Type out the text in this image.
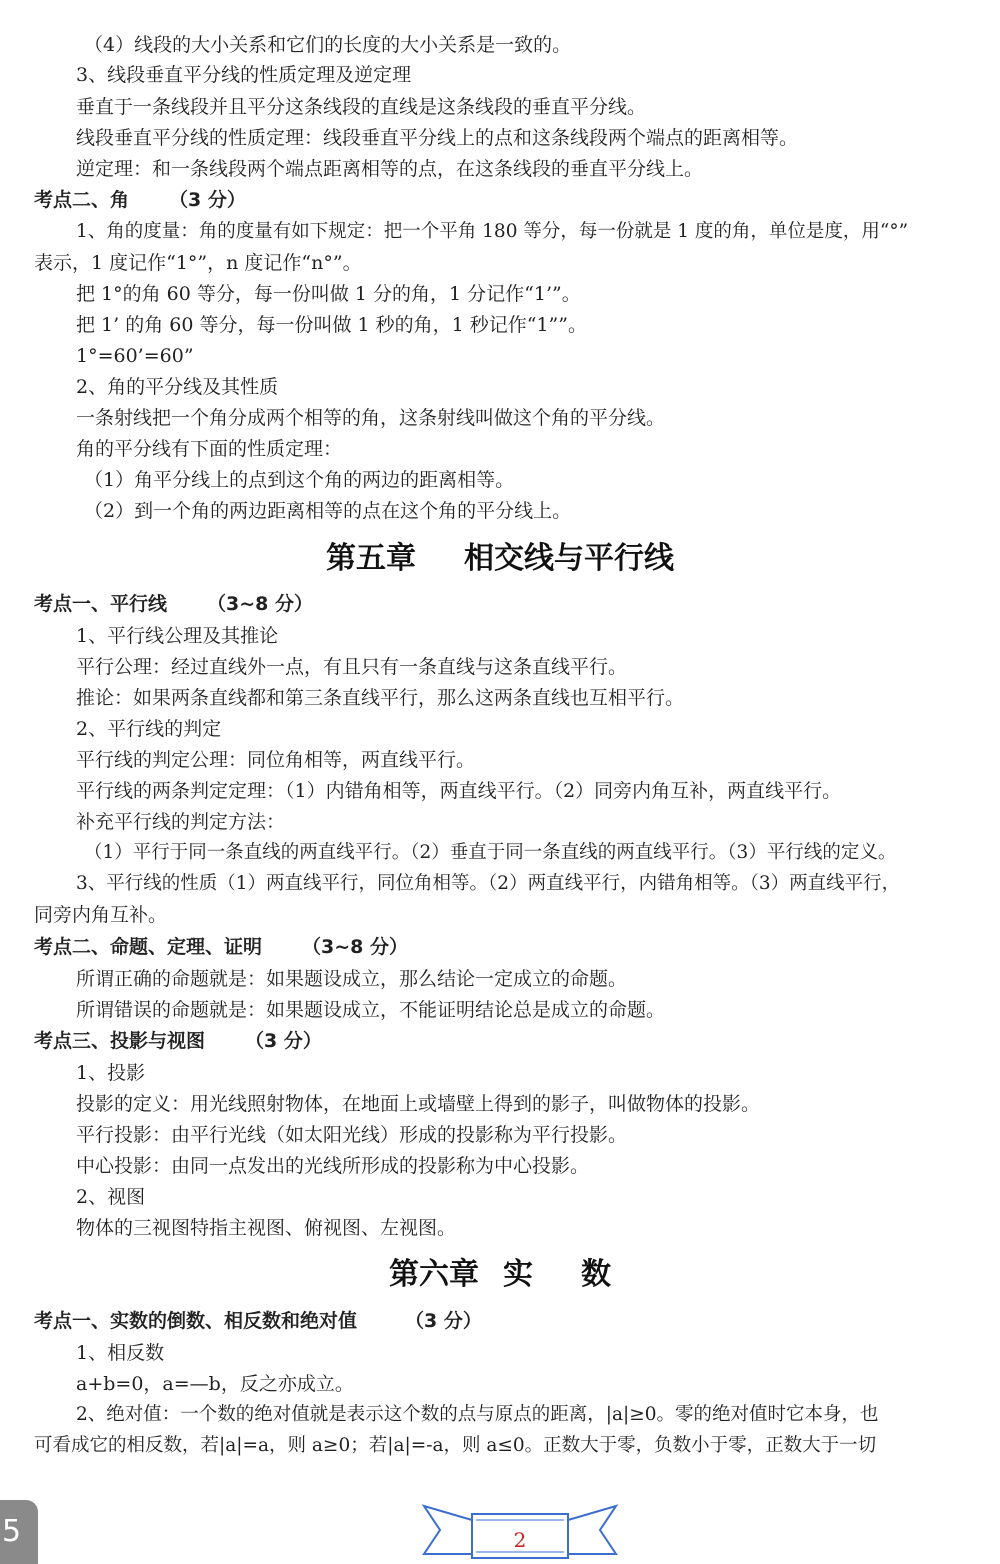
（4）线段的大小关系和它们的长度的大小关系是一致的。
3、线段垂直平分线的性质定理及逆定理
垂直于一条线段并且平分这条线段的直线是这条线段的垂直平分线。
线段垂直平分线的性质定理：线段垂直平分线上的点和这条线段两个端点的距离相等。
逆定理：和一条线段两个端点距离相等的点，在这条线段的垂直平分线上。
考点二、角 （3 分）
1、角的度量：角的度量有如下规定：把一个平角 180 等分，每一份就是 1 度的角，单位是度，用“°”
表示，1 度记作“1°”，n 度记作“n°”。
把 1°的角 60 等分，每一份叫做 1 分的角，1 分记作“1’”。
把 1’ 的角 60 等分，每一份叫做 1 秒的角，1 秒记作“1””。
1°=60’=60”
2、角的平分线及其性质
一条射线把一个角分成两个相等的角，这条射线叫做这个角的平分线。
角的平分线有下面的性质定理：
（1）角平分线上的点到这个角的两边的距离相等。
（2）到一个角的两边距离相等的点在这个角的平分线上。
第五章 相交线与平行线
考点一、平行线 （3~8 分）
1、平行线公理及其推论
平行公理：经过直线外一点，有且只有一条直线与这条直线平行。
推论：如果两条直线都和第三条直线平行，那么这两条直线也互相平行。
2、平行线的判定
平行线的判定公理：同位角相等，两直线平行。
平行线的两条判定定理：（1）内错角相等，两直线平行。（2）同旁内角互补，两直线平行。
补充平行线的判定方法：
（1）平行于同一条直线的两直线平行。（2）垂直于同一条直线的两直线平行。（3）平行线的定义。
3、平行线的性质（1）两直线平行，同位角相等。（2）两直线平行，内错角相等。（3）两直线平行，
同旁内角互补。
考点二、命题、定理、证明 （3~8 分）
所谓正确的命题就是：如果题设成立，那么结论一定成立的命题。
所谓错误的命题就是：如果题设成立，不能证明结论总是成立的命题。
考点三、投影与视图 （3 分）
1、投影
投影的定义：用光线照射物体，在地面上或墙壁上得到的影子，叫做物体的投影。
平行投影：由平行光线（如太阳光线）形成的投影称为平行投影。
中心投影：由同一点发出的光线所形成的投影称为中心投影。
2、视图
物体的三视图特指主视图、俯视图、左视图。
第六章 实 数
考点一、实数的倒数、相反数和绝对值	（3 分）
1、相反数
a+b=0，a=—b，反之亦成立。
2、绝对值：一个数的绝对值就是表示这个数的点与原点的距离，|a|≥0。零的绝对值时它本身，也
可看成它的相反数，若|a|=a，则 a≥0；若|a|=-a，则 a≤0。正数大于零，负数小于零，正数大于一切
5	2
